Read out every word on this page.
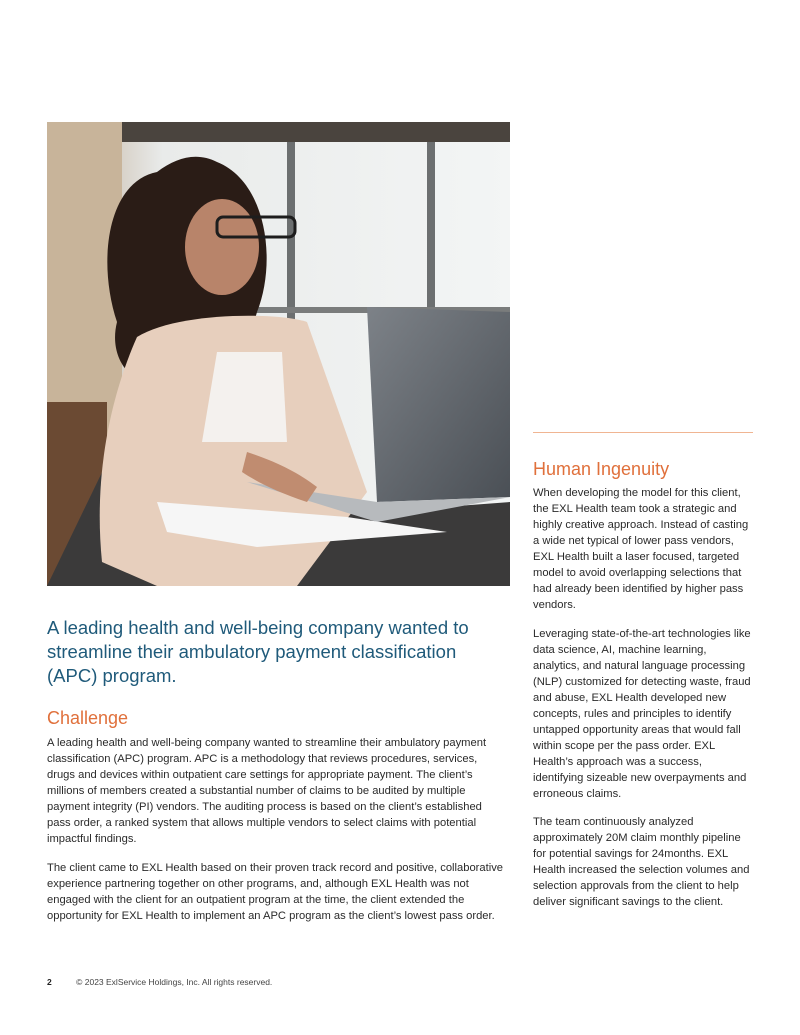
A leading health and well-being company wanted to streamline their ambulatory payment classification (APC) program.
Challenge

A leading health and well-being company wanted to streamline their ambulatory payment classification (APC) program. APC is a methodology that reviews procedures, services, drugs and devices within outpatient care settings for appropriate payment. The client’s millions of members created a substantial number of claims to be audited by multiple payment integrity (PI) vendors. The auditing process is based on the client’s established pass order, a ranked system that allows multiple vendors to select claims with potential impactful findings.

The client came to EXL Health based on their proven track record and positive, collaborative experience partnering together on other programs, and, although EXL Health was not engaged with the client for an outpatient program at the time, the client extended the opportunity for EXL Health to implement an APC program as the client’s lowest pass order.

Human Ingenuity

When developing the model for this client, the EXL Health team took a strategic and highly creative approach. Instead of casting a wide net typical of lower pass vendors, EXL Health built a laser focused, targeted model to avoid overlapping selections that had already been identified by higher pass vendors.

Leveraging state-of-the-art technologies like data science, AI, machine learning, analytics, and natural language processing (NLP) customized for detecting waste, fraud and abuse, EXL Health developed new concepts, rules and principles to identify untapped opportunity areas that would fall within scope per the pass order. EXL Health’s approach was a success, identifying sizeable new overpayments and erroneous claims.

The team continuously analyzed approximately 20M claim monthly pipeline for potential savings for 24months. EXL Health increased the selection volumes and selection approvals from the client to help deliver significant savings to the client.

2	© 2023 ExlService Holdings, Inc. All rights reserved.
